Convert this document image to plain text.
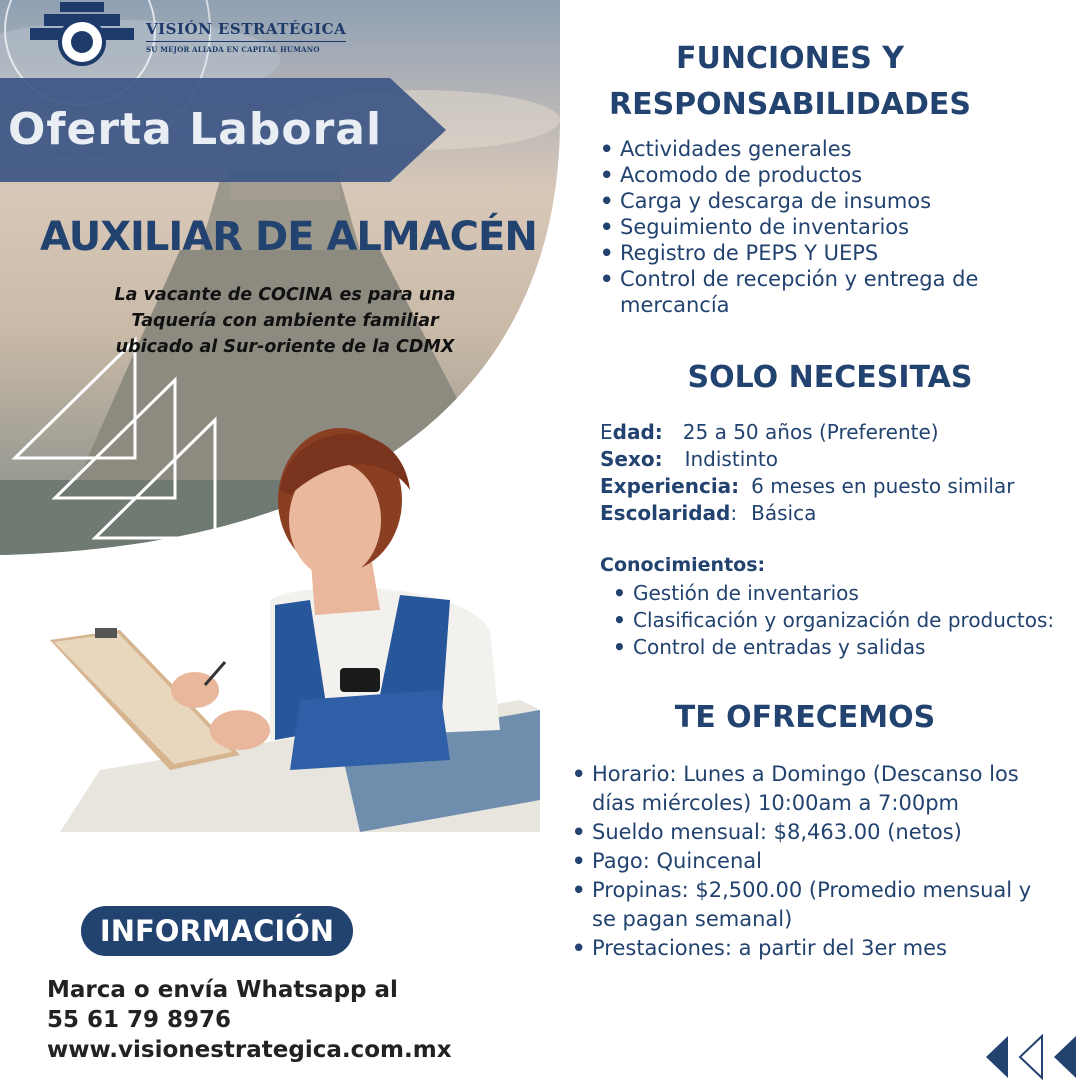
Oferta Laboral
VISIÓN ESTRATÉGICA
SU MEJOR ALIADA EN CAPITAL HUMANO
AUXILIAR DE ALMACÉN
La vacante de COCINA es para una
Taquería con ambiente familiar
ubicado al Sur-oriente de la CDMX
FUNCIONES Y
RESPONSABILIDADES
• Actividades generales
• Acomodo de productos
• Carga y descarga de insumos
• Seguimiento de inventarios
• Registro de PEPS Y UEPS
• Control de recepción y entrega de mercancía
SOLO NECESITAS
Edad: 25 a 50 años (Preferente)
Sexo: Indistinto
Experiencia: 6 meses en puesto similar
Escolaridad: Básica
Conocimientos:
• Gestión de inventarios
• Clasificación y organización de productos:
• Control de entradas y salidas
TE OFRECEMOS
• Horario: Lunes a Domingo (Descanso los días miércoles) 10:00am a 7:00pm
• Sueldo mensual: $8,463.00 (netos)
• Pago: Quincenal
• Propinas: $2,500.00 (Promedio mensual y se pagan semanal)
• Prestaciones: a partir del 3er mes
INFORMACIÓN
Marca o envía Whatsapp al
55 61 79 8976
www.visionestrategica.com.mx
